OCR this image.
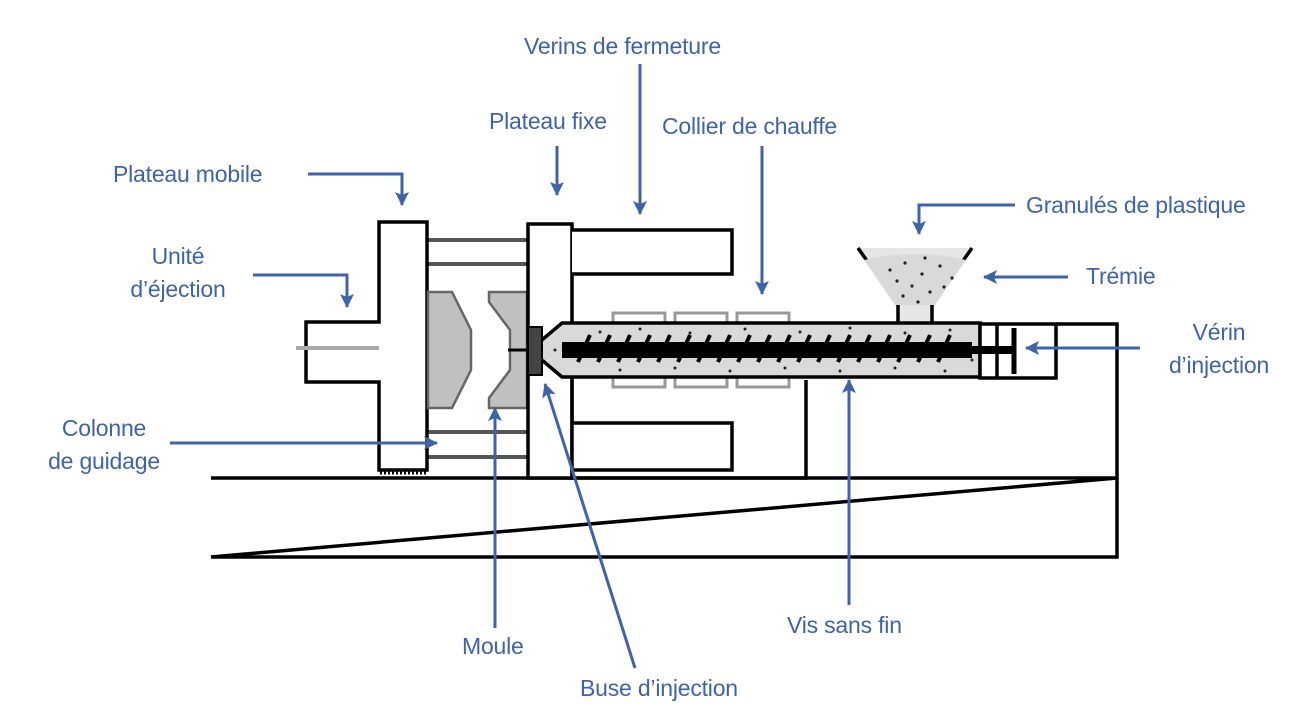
Verins de fermeture
Plateau fixe Collier de chauffe
Plateau mobile
Granulés de plastique
Unité
d’éjection	Trémie
Vérin
d’injection
Colonne
de guidage
Moule
Vis sans fin
Buse d’injection
